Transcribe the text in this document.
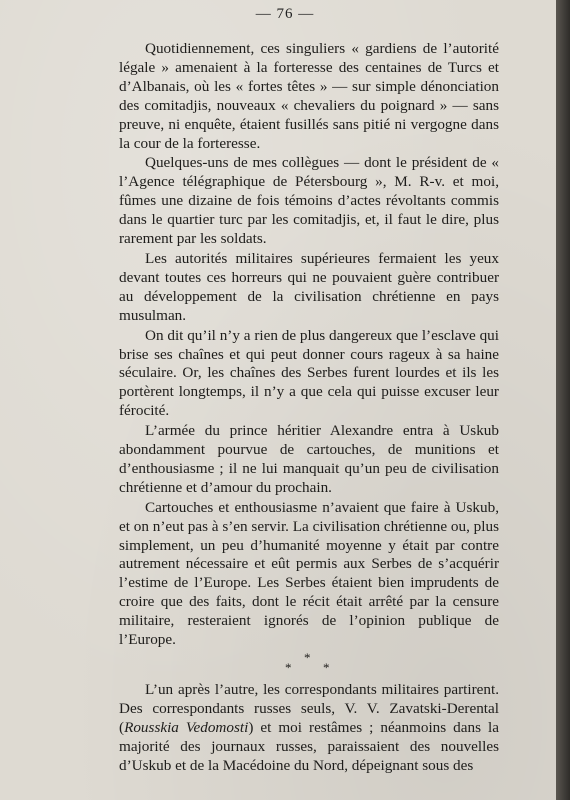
— 76 —

Quotidiennement, ces singuliers « gardiens de l’autorité légale » amenaient à la forteresse des centaines de Turcs et d’Albanais, où les « fortes têtes » — sur simple dénonciation des comitadjis, nouveaux « chevaliers du poignard » — sans preuve, ni enquête, étaient fusillés sans pitié ni vergogne dans la cour de la forteresse.

Quelques-uns de mes collègues — dont le président de « l’Agence télégraphique de Pétersbourg », M. R-v. et moi, fûmes une dizaine de fois témoins d’actes révoltants commis dans le quartier turc par les comitadjis, et, il faut le dire, plus rarement par les soldats.

Les autorités militaires supérieures fermaient les yeux devant toutes ces horreurs qui ne pouvaient guère contribuer au développement de la civilisation chrétienne en pays musulman.

On dit qu’il n’y a rien de plus dangereux que l’esclave qui brise ses chaînes et qui peut donner cours rageux à sa haine séculaire. Or, les chaînes des Serbes furent lourdes et ils les portèrent longtemps, il n’y a que cela qui puisse excuser leur férocité.

L’armée du prince héritier Alexandre entra à Uskub abondamment pourvue de cartouches, de munitions et d’enthousiasme ; il ne lui manquait qu’un peu de civilisation chrétienne et d’amour du prochain.

Cartouches et enthousiasme n’avaient que faire à Uskub, et on n’eut pas à s’en servir. La civilisation chrétienne ou, plus simplement, un peu d’humanité moyenne y était par contre autrement nécessaire et eût permis aux Serbes de s’acquérir l’estime de l’Europe. Les Serbes étaient bien imprudents de croire que des faits, dont le récit était arrêté par la censure militaire, resteraient ignorés de l’opinion publique de l’Europe.

*
* *

L’un après l’autre, les correspondants militaires partirent. Des correspondants russes seuls, V. V. Zavatski-Derental (Rousskia Vedomosti) et moi restâmes ; néanmoins dans la majorité des journaux russes, paraissaient des nouvelles d’Uskub et de la Macédoine du Nord, dépeignant sous des
